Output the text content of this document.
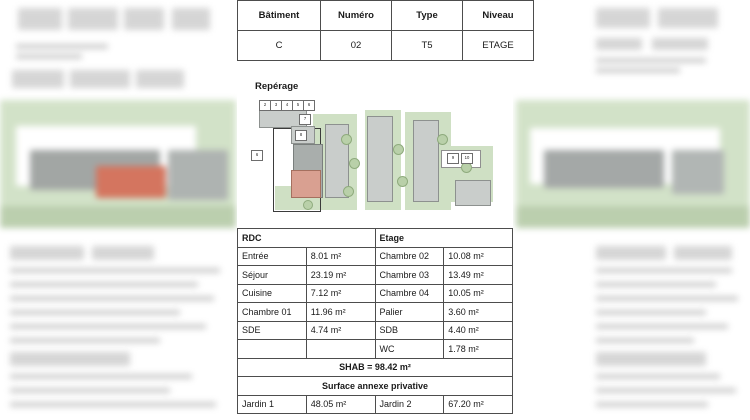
Bâtiment	Numéro	Type	Niveau
C	02	T5	ETAGE
Repérage
2	3	4	5	6
7
8
6
9	10
RDC		Etage	
Entrée	8.01 m²	Chambre 02	10.08 m²
Séjour	23.19 m²	Chambre 03	13.49 m²
Cuisine	7.12 m²	Chambre 04	10.05 m²
Chambre 01	11.96 m²	Palier	3.60 m²
SDE	4.74 m²	SDB	4.40 m²
		WC	1.78 m²
SHAB = 98.42 m²			
Surface annexe privative			
Jardin 1	48.05 m²	Jardin 2	67.20 m²
